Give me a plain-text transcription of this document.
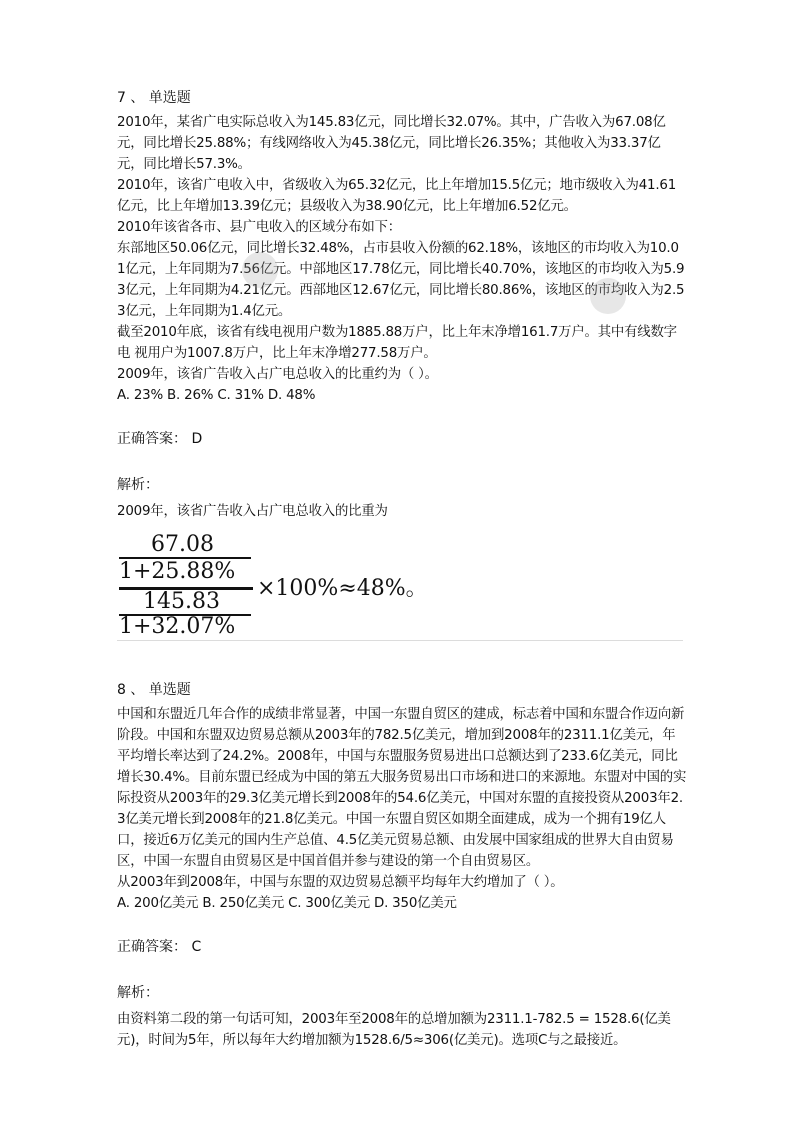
7 、 单选题
2010年，某省广电实际总收入为145.83亿元，同比增长32.07%。其中，广告收入为67.08亿元，同比增长25.88%；有线网络收入为45.38亿元，同比增长26.35%；其他收入为33.37亿元，同比增长57.3%。
2010年，该省广电收入中，省级收入为65.32亿元，比上年增加15.5亿元；地市级收入为41.61亿元，比上年增加13.39亿元；县级收入为38.90亿元，比上年增加6.52亿元。
2010年该省各市、县广电收入的区域分布如下：
东部地区50.06亿元，同比增长32.48%，占市县收入份额的62.18%，该地区的市均收入为10.01亿元，上年同期为7.56亿元。中部地区17.78亿元，同比增长40.70%，该地区的市均收入为5.93亿元，上年同期为4.21亿元。西部地区12.67亿元，同比增长80.86%，该地区的市均收入为2.53亿元，上年同期为1.4亿元。
截至2010年底，该省有线电视用户数为1885.88万户，比上年末净增161.7万户。其中有线数字电 视用户为1007.8万户，比上年末净增277.58万户。
2009年，该省广告收入占广电总收入的比重约为（ ）。
A. 23% B. 26% C. 31% D. 48%
正确答案： D
解析：
2009年，该省广告收入占广电总收入的比重为
67.08
1+25.88%
145.83
1+32.07%
×100%≈48%。
8 、 单选题
中国和东盟近几年合作的成绩非常显著，中国一东盟自贸区的建成，标志着中国和东盟合作迈向新阶段。中国和东盟双边贸易总额从2003年的782.5亿美元，增加到2008年的2311.1亿美元，年平均增长率达到了24.2%。2008年，中国与东盟服务贸易进出口总额达到了233.6亿美元，同比增长30.4%。目前东盟已经成为中国的第五大服务贸易出口市场和进口的来源地。东盟对中国的实际投资从2003年的29.3亿美元增长到2008年的54.6亿美元，中国对东盟的直接投资从2003年2.3亿美元增长到2008年的21.8亿美元。中国一东盟自贸区如期全面建成，成为一个拥有19亿人口，接近6万亿美元的国内生产总值、4.5亿美元贸易总额、由发展中国家组成的世界大自由贸易区，中国一东盟自由贸易区是中国首倡并参与建设的第一个自由贸易区。
从2003年到2008年，中国与东盟的双边贸易总额平均每年大约增加了（ ）。
A. 200亿美元 B. 250亿美元 C. 300亿美元 D. 350亿美元
正确答案： C
解析：
由资料第二段的第一句话可知，2003年至2008年的总增加额为2311.1-782.5 = 1528.6(亿美元)，时间为5年，所以每年大约增加额为1528.6/5≈306(亿美元)。选项C与之最接近。
